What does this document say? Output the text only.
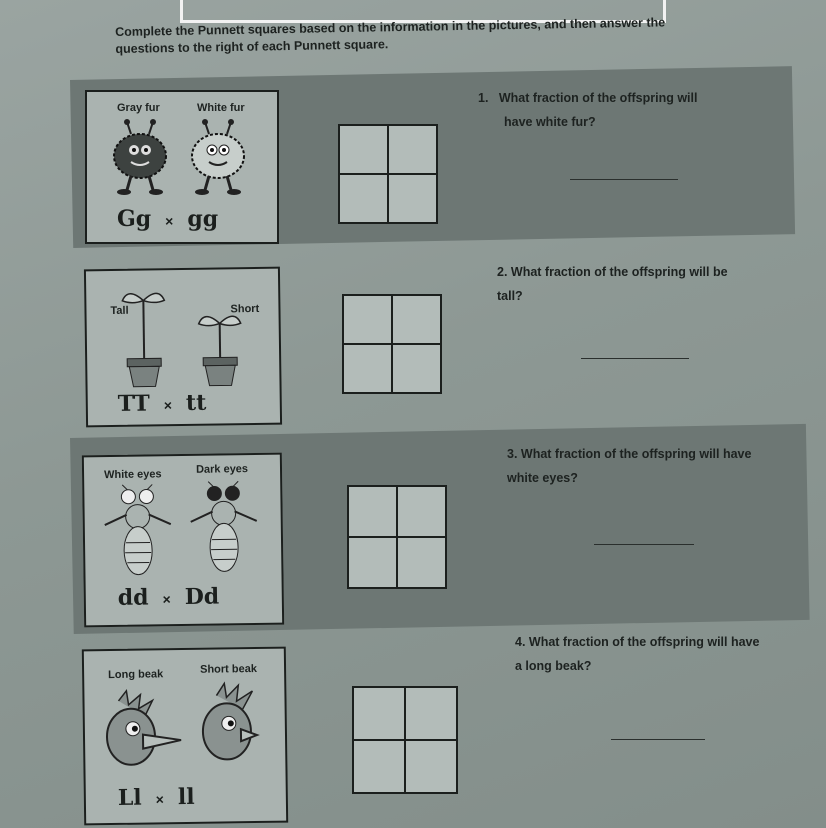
Complete the Punnett squares based on the information in the pictures, and then answer the questions to the right of each Punnett square.
Gray fur	White fur
Gg × gg
1. What fraction of the offspring will
have white fur?
Tall	Short
TT × tt
2. What fraction of the offspring will be
tall?
White eyes	Dark eyes
dd × Dd
3. What fraction of the offspring will have
white eyes?
Long beak	Short beak
Ll × ll
4. What fraction of the offspring will have
a long beak?
